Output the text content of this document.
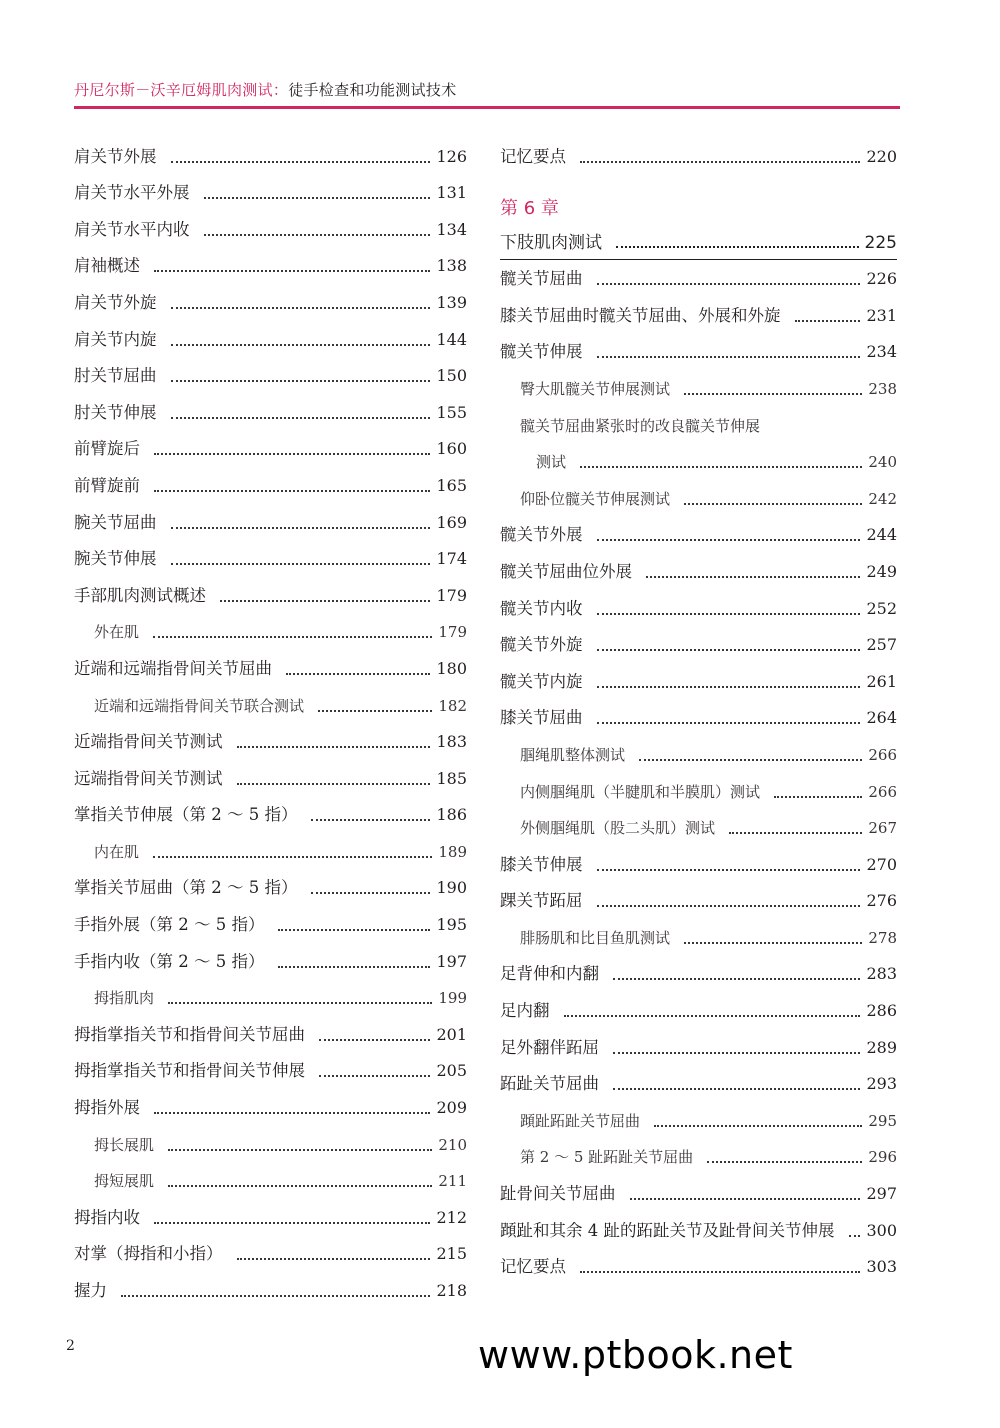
丹尼尔斯－沃辛厄姆肌肉测试：徒手检查和功能测试技术
肩关节外展	126
肩关节水平外展	131
肩关节水平内收	134
肩袖概述	138
肩关节外旋	139
肩关节内旋	144
肘关节屈曲	150
肘关节伸展	155
前臂旋后	160
前臂旋前	165
腕关节屈曲	169
腕关节伸展	174
手部肌肉测试概述	179
外在肌	179
近端和远端指骨间关节屈曲	180
近端和远端指骨间关节联合测试	182
近端指骨间关节测试	183
远端指骨间关节测试	185
掌指关节伸展（第 2 ～ 5 指）	186
内在肌	189
掌指关节屈曲（第 2 ～ 5 指）	190
手指外展（第 2 ～ 5 指）	195
手指内收（第 2 ～ 5 指）	197
拇指肌肉	199
拇指掌指关节和指骨间关节屈曲	201
拇指掌指关节和指骨间关节伸展	205
拇指外展	209
拇长展肌	210
拇短展肌	211
拇指内收	212
对掌（拇指和小指）	215
握力	218
记忆要点	220
第 6 章
下肢肌肉测试	225
髋关节屈曲	226
膝关节屈曲时髋关节屈曲、外展和外旋	231
髋关节伸展	234
臀大肌髋关节伸展测试	238
髋关节屈曲紧张时的改良髋关节伸展
测试	240
仰卧位髋关节伸展测试	242
髋关节外展	244
髋关节屈曲位外展	249
髋关节内收	252
髋关节外旋	257
髋关节内旋	261
膝关节屈曲	264
腘绳肌整体测试	266
内侧腘绳肌（半腱肌和半膜肌）测试	266
外侧腘绳肌（股二头肌）测试	267
膝关节伸展	270
踝关节跖屈	276
腓肠肌和比目鱼肌测试	278
足背伸和内翻	283
足内翻	286
足外翻伴跖屈	289
跖趾关节屈曲	293
蹞趾跖趾关节屈曲	295
第 2 ～ 5 趾跖趾关节屈曲	296
趾骨间关节屈曲	297
蹞趾和其余 4 趾的跖趾关节及趾骨间关节伸展 300
记忆要点	303
2	www.ptbook.net
